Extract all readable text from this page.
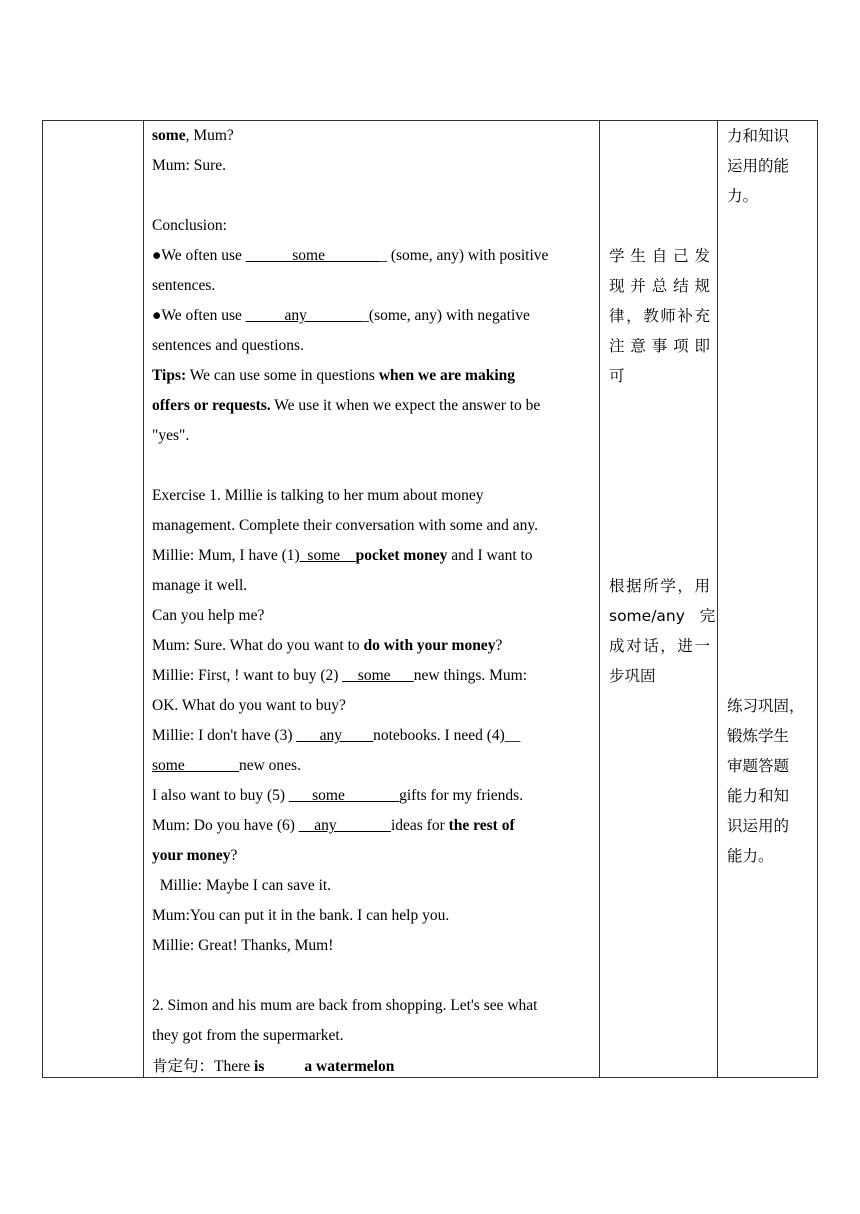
some, Mum?
Mum: Sure.
Conclusion:
●We often use ______some________ (some, any) with positive
sentences.
●We often use _____any________(some, any) with negative
sentences and questions.
Tips: We can use some in questions when we are making
offers or requests. We use it when we expect the answer to be
"yes".
Exercise 1. Millie is talking to her mum about money
management. Complete their conversation with some and any.
Millie: Mum, I have (1)_some__pocket money and I want to
manage it well.
Can you help me?
Mum: Sure. What do you want to do with your money?
Millie: First, ! want to buy (2) __some___new things. Mum:
OK. What do you want to buy?
Millie: I don't have (3) ___any____notebooks. I need (4)__
some_______new ones.
I also want to buy (5) ___some_______gifts for my friends.
Mum: Do you have (6) __any_______ideas for the rest of
your money?
Millie: Maybe I can save it.
Mum:You can put it in the bank. I can help you.
Millie: Great! Thanks, Mum!
2. Simon and his mum are back from shopping. Let's see what
they got from the supermarket.
肯定句：There is	a watermelon
学 生 自 己 发
现 并 总 结 规
律，教师补充
注 意 事 项 即
可
根据所学，用
some/any   完
成对话，进一
步巩固
力和知识
运用的能
力。
练习巩固，
锻炼学生
审题答题
能力和知
识运用的
能力。
